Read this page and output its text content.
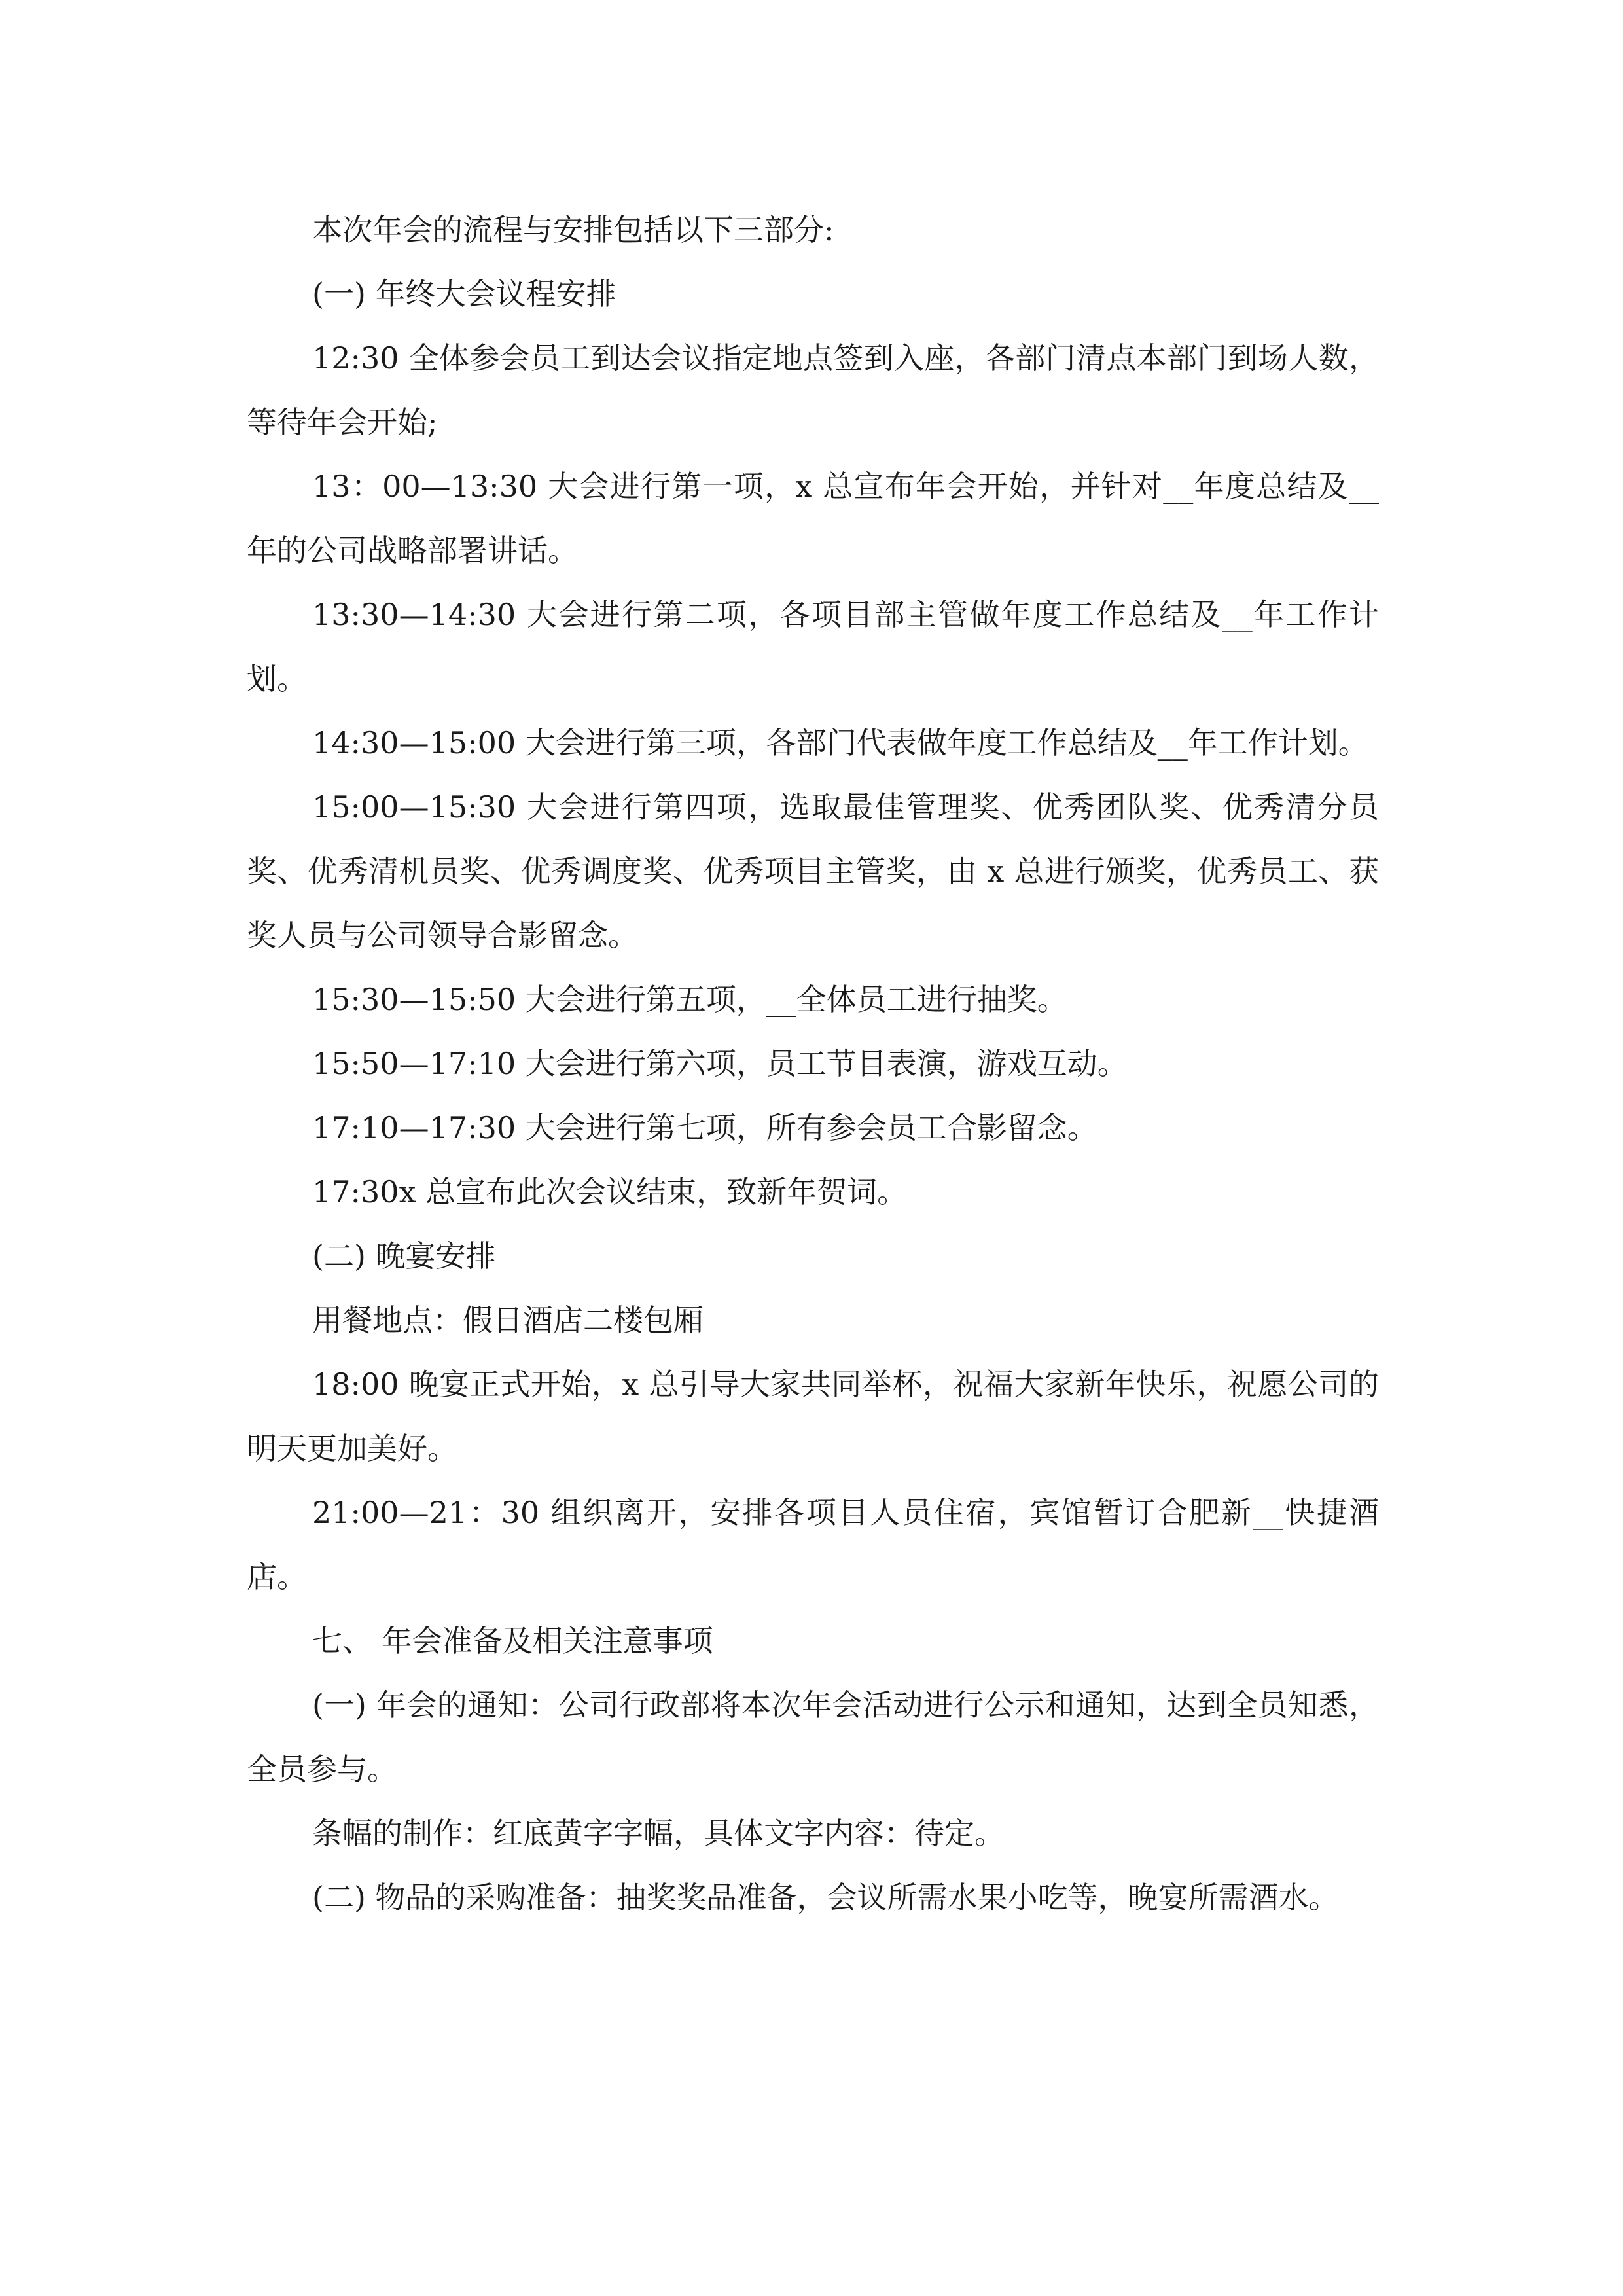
本次年会的流程与安排包括以下三部分:

(一) 年终大会议程安排

12:30 全体参会员工到达会议指定地点签到入座，各部门清点本部门到场人数，等待年会开始;

13：00—13:30 大会进行第一项，x 总宣布年会开始，并针对__年度总结及__年的公司战略部署讲话。

13:30—14:30 大会进行第二项，各项目部主管做年度工作总结及__年工作计划。

14:30—15:00 大会进行第三项，各部门代表做年度工作总结及__年工作计划。

15:00—15:30 大会进行第四项，选取最佳管理奖、优秀团队奖、优秀清分员奖、优秀清机员奖、优秀调度奖、优秀项目主管奖，由 x 总进行颁奖，优秀员工、获奖人员与公司领导合影留念。

15:30—15:50 大会进行第五项，__全体员工进行抽奖。

15:50—17:10 大会进行第六项，员工节目表演，游戏互动。

17:10—17:30 大会进行第七项，所有参会员工合影留念。

17:30x 总宣布此次会议结束，致新年贺词。

(二) 晚宴安排

用餐地点：假日酒店二楼包厢

18:00 晚宴正式开始，x 总引导大家共同举杯，祝福大家新年快乐，祝愿公司的明天更加美好。

21:00—21：30 组织离开，安排各项目人员住宿，宾馆暂订合肥新__快捷酒店。

七、 年会准备及相关注意事项

(一) 年会的通知：公司行政部将本次年会活动进行公示和通知，达到全员知悉，全员参与。

条幅的制作：红底黄字字幅，具体文字内容：待定。

(二) 物品的采购准备：抽奖奖品准备，会议所需水果小吃等，晚宴所需酒水。
